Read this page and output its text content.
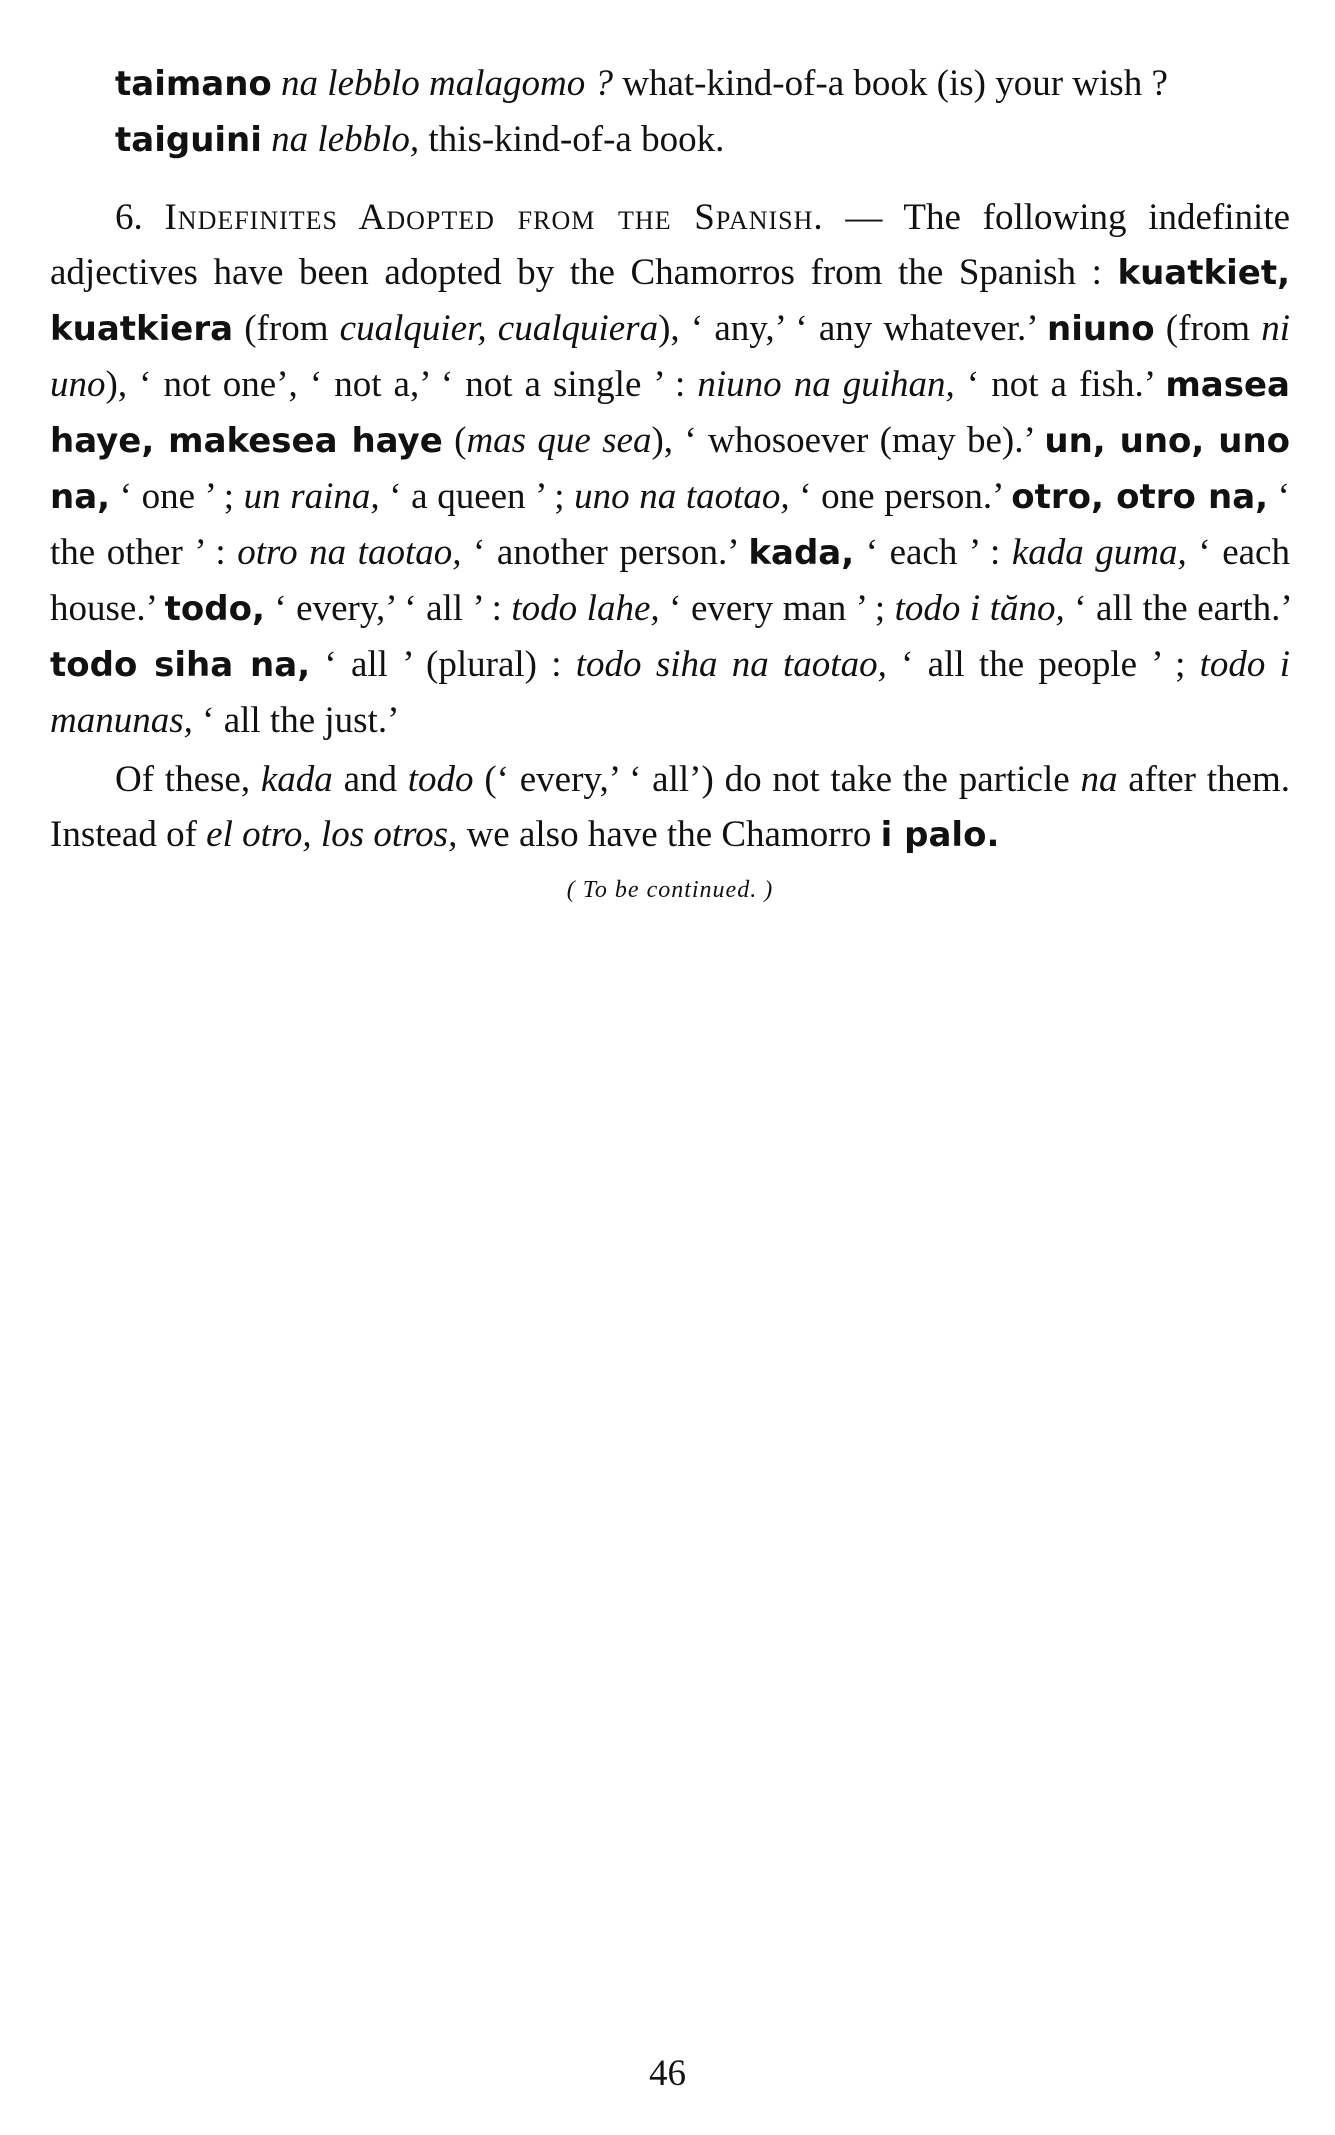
taimano na lebblo malagomo ? what-kind-of-a book (is) your wish ?

taiguini na lebblo, this-kind-of-a book.

6. Indefinites Adopted from the Spanish. — The following indefinite adjectives have been adopted by the Chamorros from the Spanish : kuatkiet, kuatkiera (from cualquier, cualquiera), ‘ any,’ ‘ any whatever.’ niuno (from ni uno), ‘ not one’, ‘ not a,’ ‘ not a single ’ : niuno na guihan, ‘ not a fish.’ masea haye, makesea haye (mas que sea), ‘ whosoever (may be).’ un, uno, uno na, ‘ one ’ ; un raina, ‘ a queen ’ ; uno na taotao, ‘ one person.’ otro, otro na, ‘ the other ’ : otro na taotao, ‘ another person.’ kada, ‘ each ’ : kada guma, ‘ each house.’ todo, ‘ every,’ ‘ all ’ : todo lahe, ‘ every man ’ ; todo i tăno, ‘ all the earth.’ todo siha na, ‘ all ’ (plural) : todo siha na taotao, ‘ all the people ’ ; todo i manunas, ‘ all the just.’

Of these, kada and todo (‘ every,’ ‘ all’) do not take the particle na after them. Instead of el otro, los otros, we also have the Chamorro i palo.

( To be continued. )

46
